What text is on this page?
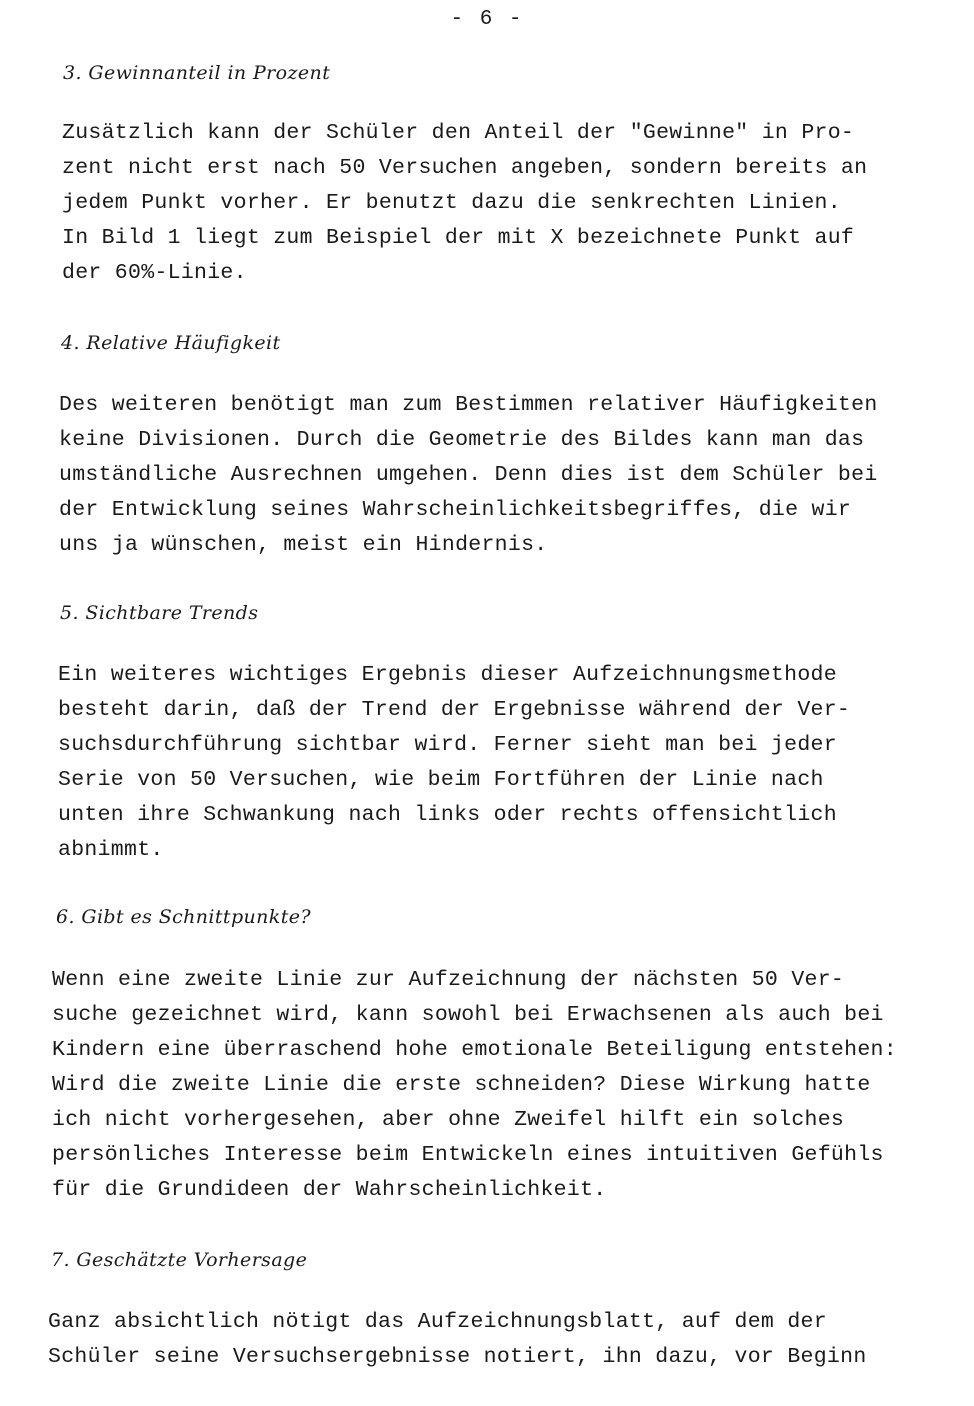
- 6 -
3. Gewinnanteil in Prozent
Zusätzlich kann der Schüler den Anteil der "Gewinne" in Pro-
zent nicht erst nach 50 Versuchen angeben, sondern bereits an
jedem Punkt vorher. Er benutzt dazu die senkrechten Linien.
In Bild 1 liegt zum Beispiel der mit X bezeichnete Punkt auf
der 60%-Linie.
4. Relative Häufigkeit
Des weiteren benötigt man zum Bestimmen relativer Häufigkeiten
keine Divisionen. Durch die Geometrie des Bildes kann man das
umständliche Ausrechnen umgehen. Denn dies ist dem Schüler bei
der Entwicklung seines Wahrscheinlichkeitsbegriffes, die wir
uns ja wünschen, meist ein Hindernis.
5. Sichtbare Trends
Ein weiteres wichtiges Ergebnis dieser Aufzeichnungsmethode
besteht darin, daß der Trend der Ergebnisse während der Ver-
suchsdurchführung sichtbar wird. Ferner sieht man bei jeder
Serie von 50 Versuchen, wie beim Fortführen der Linie nach
unten ihre Schwankung nach links oder rechts offensichtlich
abnimmt.
6. Gibt es Schnittpunkte?
Wenn eine zweite Linie zur Aufzeichnung der nächsten 50 Ver-
suche gezeichnet wird, kann sowohl bei Erwachsenen als auch bei
Kindern eine überraschend hohe emotionale Beteiligung entstehen:
Wird die zweite Linie die erste schneiden? Diese Wirkung hatte
ich nicht vorhergesehen, aber ohne Zweifel hilft ein solches
persönliches Interesse beim Entwickeln eines intuitiven Gefühls
für die Grundideen der Wahrscheinlichkeit.
7. Geschätzte Vorhersage
Ganz absichtlich nötigt das Aufzeichnungsblatt, auf dem der
Schüler seine Versuchsergebnisse notiert, ihn dazu, vor Beginn
